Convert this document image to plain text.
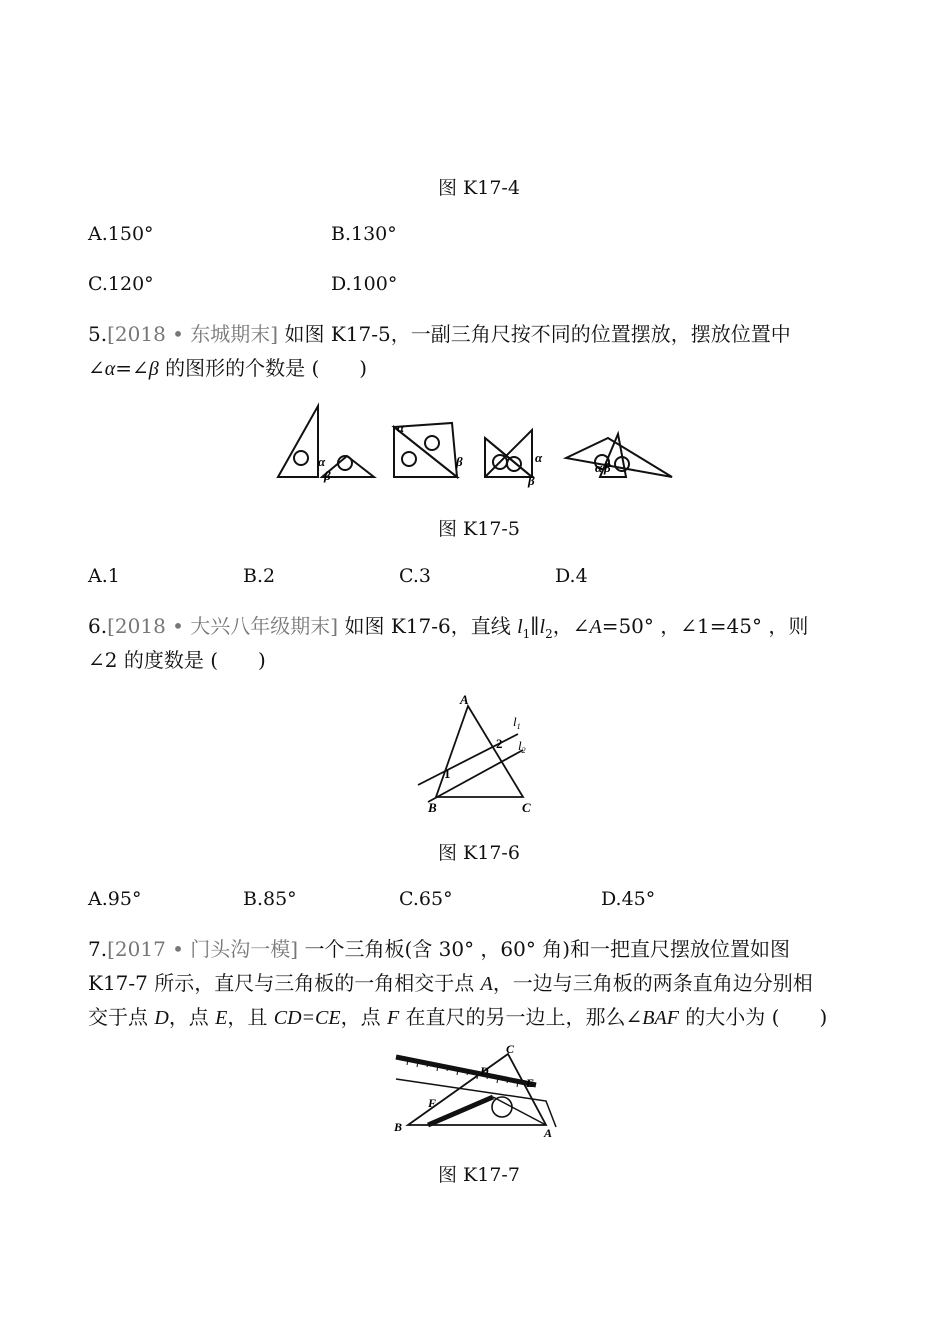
图 K17-4
A.150°	B.130°
C.120°	D.100°
5.[2018 • 东城期末] 如图 K17-5，一副三角尺按不同的位置摆放，摆放位置中
∠α=∠β 的图形的个数是 (　　)
α
β
α
β	α
β
α β
图 K17-5
A.1	B.2	C.3	D.4
6.[2018 • 大兴八年级期末] 如图 K17-6，直线 $l_1\parallel l_2$，∠A=50° ，∠1=45° ，则
∠2 的度数是 (　　)
A
B	C
1
2
$l_1$
$l_2$
图 K17-6
A.95°	B.85°	C.65°	D.45°
7.[2017 • 门头沟一模] 一个三角板(含 30° ，60° 角)和一把直尺摆放位置如图
K17-7 所示，直尺与三角板的一角相交于点 A，一边与三角板的两条直角边分别相
交于点 D，点 E，且 CD=CE，点 F 在直尺的另一边上，那么∠BAF 的大小为 (　　)
B
C
D
E
F
A
图 K17-7
